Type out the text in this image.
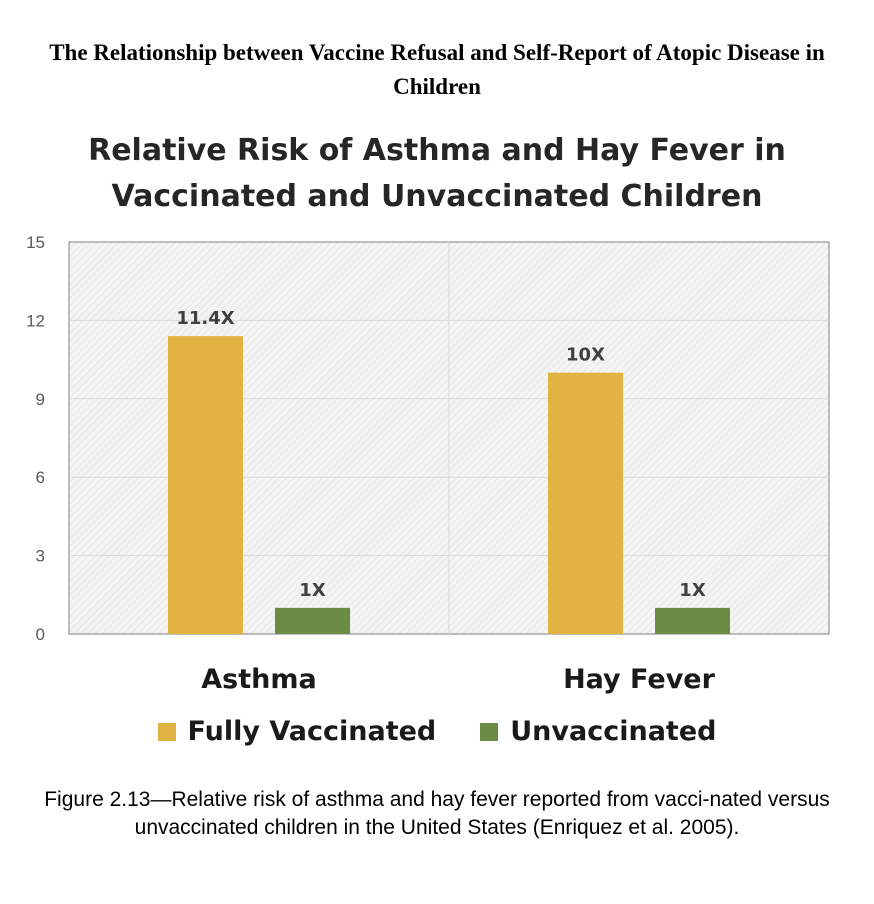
The Relationship between Vaccine Refusal and Self-Report of Atopic Disease in Children
Relative Risk of Asthma and Hay Fever in Vaccinated and Unvaccinated Children
0
3
6
9
12
15
11.4X
1X
10X
1X
Asthma	Hay Fever
Fully Vaccinated	Unvaccinated
Figure 2.13—Relative risk of asthma and hay fever reported from vacci-nated versus unvaccinated children in the United States (Enriquez et al. 2005).
